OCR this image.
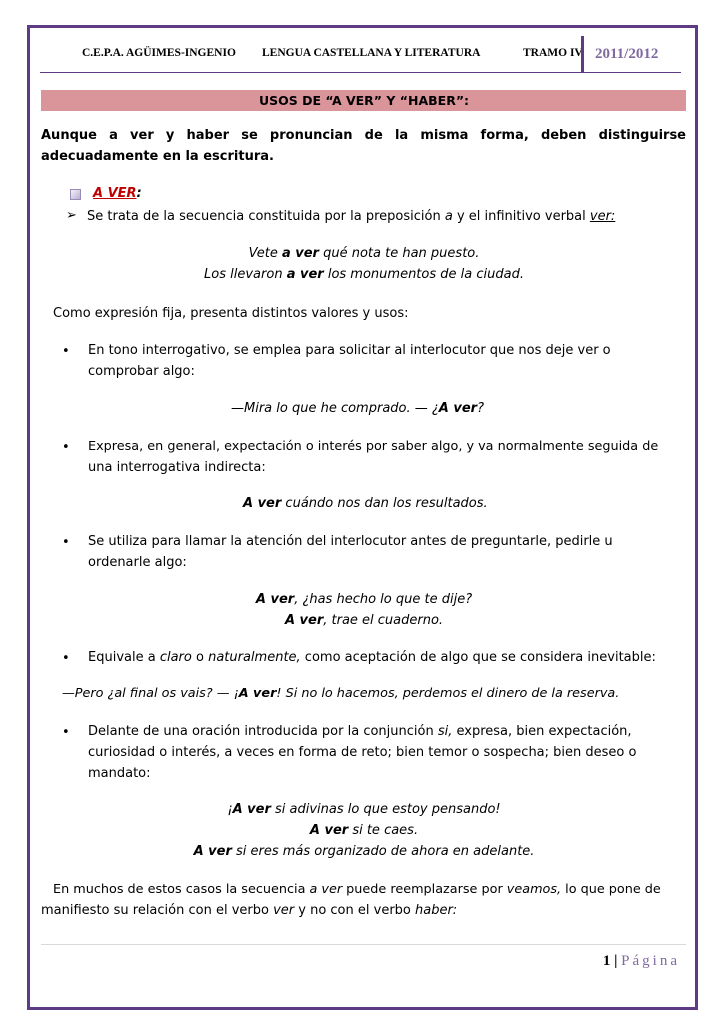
C.E.P.A. AGÜIMES-INGENIO LENGUA CASTELLANA Y LITERATURA	TRAMO IV 2011/2012
USOS DE “A VER” Y “HABER”:
Aunque a ver y haber se pronuncian de la misma forma, deben distinguirse
adecuadamente en la escritura.
A VER:
➢ Se trata de la secuencia constituida por la preposición a y el infinitivo verbal ver:
Vete a ver qué nota te han puesto.
Los llevaron a ver los monumentos de la ciudad.
Como expresión fija, presenta distintos valores y usos:
• En tono interrogativo, se emplea para solicitar al interlocutor que nos deje ver o
comprobar algo:
—Mira lo que he comprado. — ¿A ver?
• Expresa, en general, expectación o interés por saber algo, y va normalmente seguida de
una interrogativa indirecta:
A ver cuándo nos dan los resultados.
• Se utiliza para llamar la atención del interlocutor antes de preguntarle, pedirle u
ordenarle algo:
A ver, ¿has hecho lo que te dije?
A ver, trae el cuaderno.
• Equivale a claro o naturalmente, como aceptación de algo que se considera inevitable:
—Pero ¿al final os vais? — ¡A ver! Si no lo hacemos, perdemos el dinero de la reserva.
• Delante de una oración introducida por la conjunción si, expresa, bien expectación,
curiosidad o interés, a veces en forma de reto; bien temor o sospecha; bien deseo o
mandato:
¡A ver si adivinas lo que estoy pensando!
A ver si te caes.
A ver si eres más organizado de ahora en adelante.
En muchos de estos casos la secuencia a ver puede reemplazarse por veamos, lo que pone de
manifiesto su relación con el verbo ver y no con el verbo haber:
1 | Página
